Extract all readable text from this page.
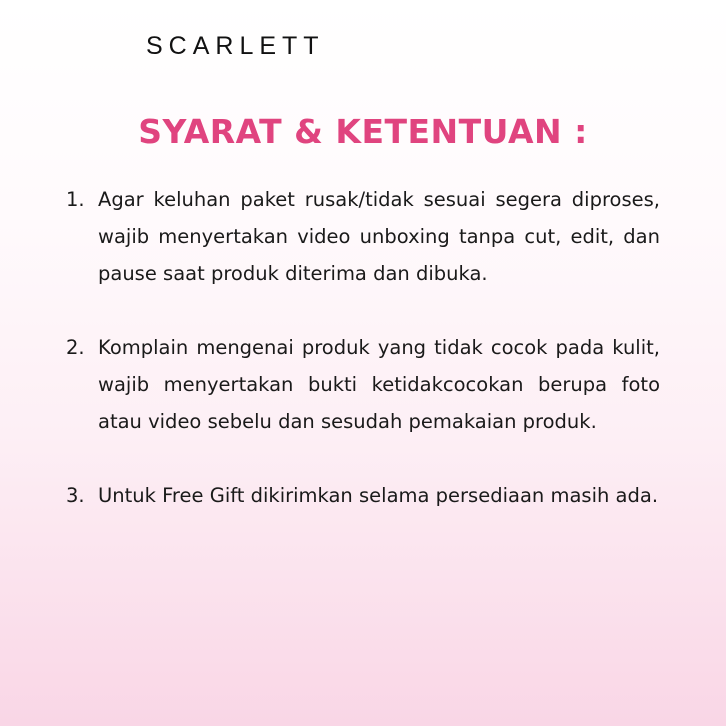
SCARLETT
SYARAT & KETENTUAN :
1. Agar keluhan paket rusak/tidak sesuai segera diproses, wajib menyertakan video unboxing tanpa cut, edit, dan pause saat produk diterima dan dibuka.
2. Komplain mengenai produk yang tidak cocok pada kulit, wajib menyertakan bukti ketidakcocokan berupa foto atau video sebelu dan sesudah pemakaian produk.
3. Untuk Free Gift dikirimkan selama persediaan masih ada.
